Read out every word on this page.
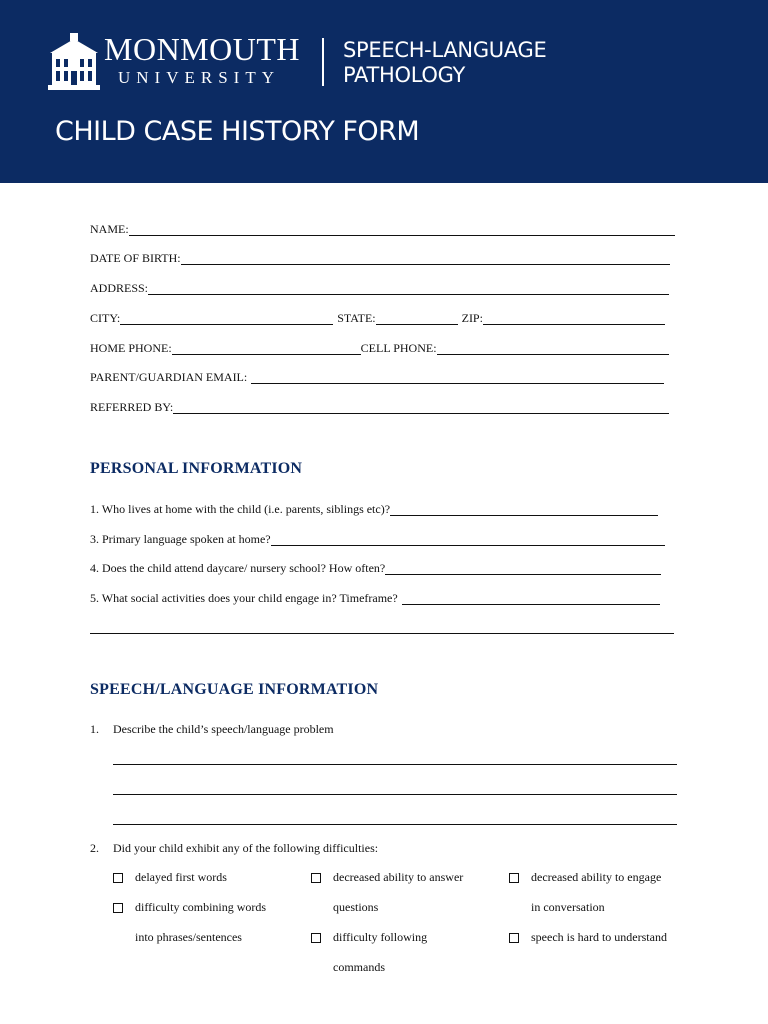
MONMOUTH
UNIVERSITY
SPEECH-LANGUAGE
PATHOLOGY
CHILD CASE HISTORY FORM
NAME:
DATE OF BIRTH:
ADDRESS:
CITY:	STATE:	ZIP:
HOME PHONE:	CELL PHONE:
PARENT/GUARDIAN EMAIL:
REFERRED BY:
PERSONAL INFORMATION
1. Who lives at home with the child (i.e. parents, siblings etc)?
3. Primary language spoken at home?
4. Does the child attend daycare/ nursery school? How often?
5. What social activities does your child engage in? Timeframe?
SPEECH/LANGUAGE INFORMATION
1. Describe the child’s speech/language problem
2. Did your child exhibit any of the following difficulties:
delayed first words
difficulty combining words
into phrases/sentences
decreased ability to answer
questions
difficulty following
commands
decreased ability to engage
in conversation
speech is hard to understand
